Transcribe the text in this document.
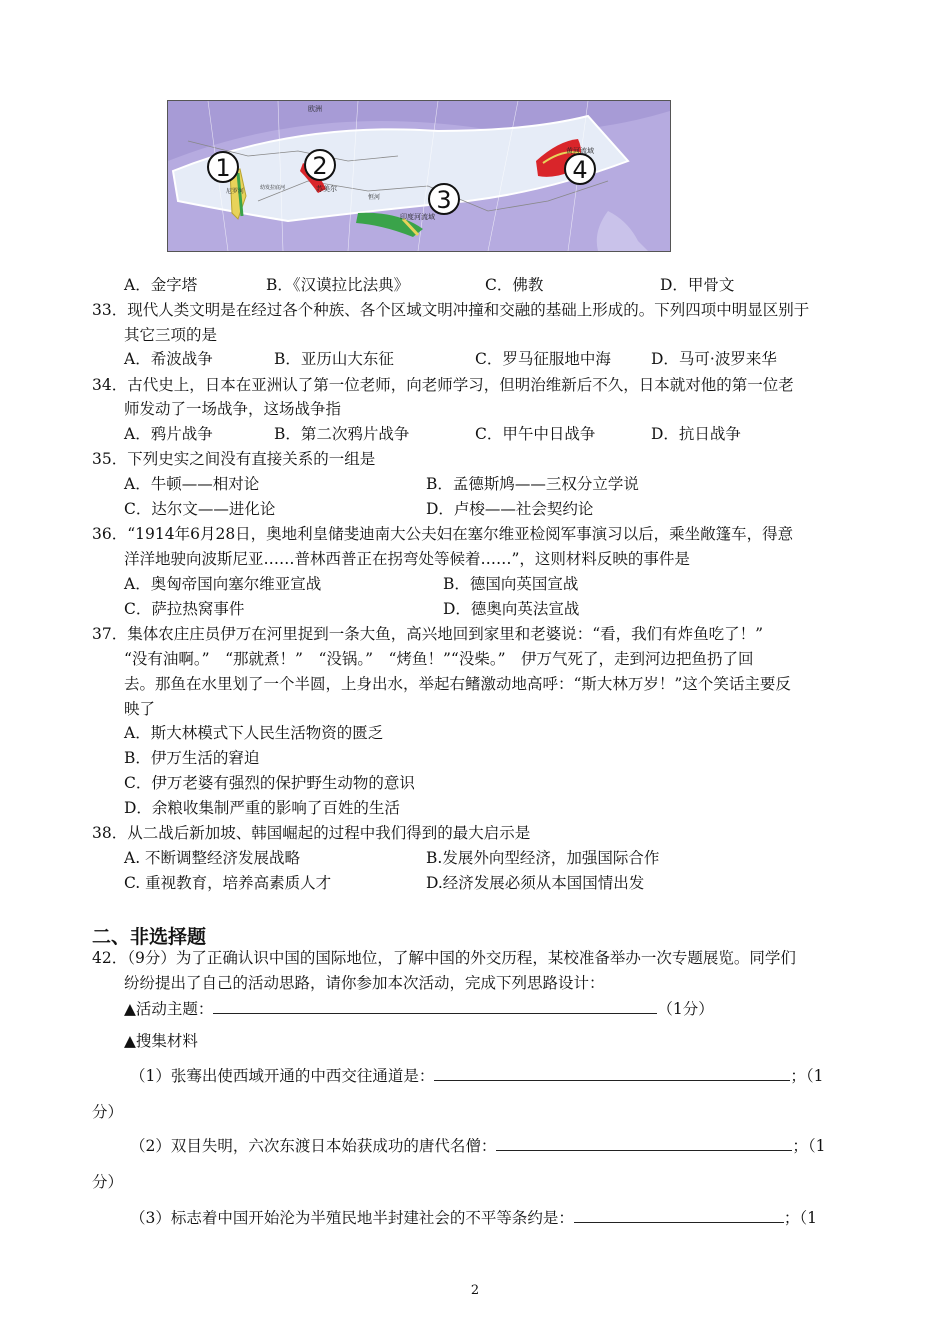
1	2
3
4
欧洲
尼罗河	苏美尔
印度河流域
黄河流域
幼发拉底河
恒河
A．金字塔	B．《汉谟拉比法典》	C．佛教	D．甲骨文
33．现代人类文明是在经过各个种族、各个区域文明冲撞和交融的基础上形成的。下列四项中明显区别于
其它三项的是
A．希波战争	B．亚历山大东征	C．罗马征服地中海	D．马可·波罗来华
34．古代史上，日本在亚洲认了第一位老师，向老师学习，但明治维新后不久，日本就对他的第一位老
师发动了一场战争，这场战争指
A．鸦片战争	B．第二次鸦片战争	C．甲午中日战争	D．抗日战争
35．下列史实之间没有直接关系的一组是
A．牛顿——相对论	B．孟德斯鸠——三权分立学说
C．达尔文——进化论	D．卢梭——社会契约论
36．“1914年6月28日，奥地利皇储斐迪南大公夫妇在塞尔维亚检阅军事演习以后，乘坐敞篷车，得意
洋洋地驶向波斯尼亚……普林西普正在拐弯处等候着……”，这则材料反映的事件是
A．奥匈帝国向塞尔维亚宣战	B．德国向英国宣战
C．萨拉热窝事件	D．德奥向英法宣战
37．集体农庄庄员伊万在河里捉到一条大鱼，高兴地回到家里和老婆说：“看，我们有炸鱼吃了！”
“没有油啊。”　“那就煮！”　“没锅。”　“烤鱼！”“没柴。”　伊万气死了，走到河边把鱼扔了回
去。那鱼在水里划了一个半圆，上身出水，举起右鳍激动地高呼：“斯大林万岁！”这个笑话主要反
映了
A．斯大林模式下人民生活物资的匮乏
B．伊万生活的窘迫
C．伊万老婆有强烈的保护野生动物的意识
D．余粮收集制严重的影响了百姓的生活
38．从二战后新加坡、韩国崛起的过程中我们得到的最大启示是
A. 不断调整经济发展战略	B.发展外向型经济，加强国际合作
C. 重视教育，培养高素质人才	D.经济发展必须从本国国情出发
二、非选择题
42．（9分）为了正确认识中国的国际地位，了解中国的外交历程，某校准备举办一次专题展览。同学们
纷纷提出了自己的活动思路，请你参加本次活动，完成下列思路设计：
▲活动主题：	（1分）
▲搜集材料
（1）张骞出使西域开通的中西交往通道是：	；（1
分）
（2）双目失明，六次东渡日本始获成功的唐代名僧：	；（1
分）
（3）标志着中国开始沦为半殖民地半封建社会的不平等条约是：	；（1
2
